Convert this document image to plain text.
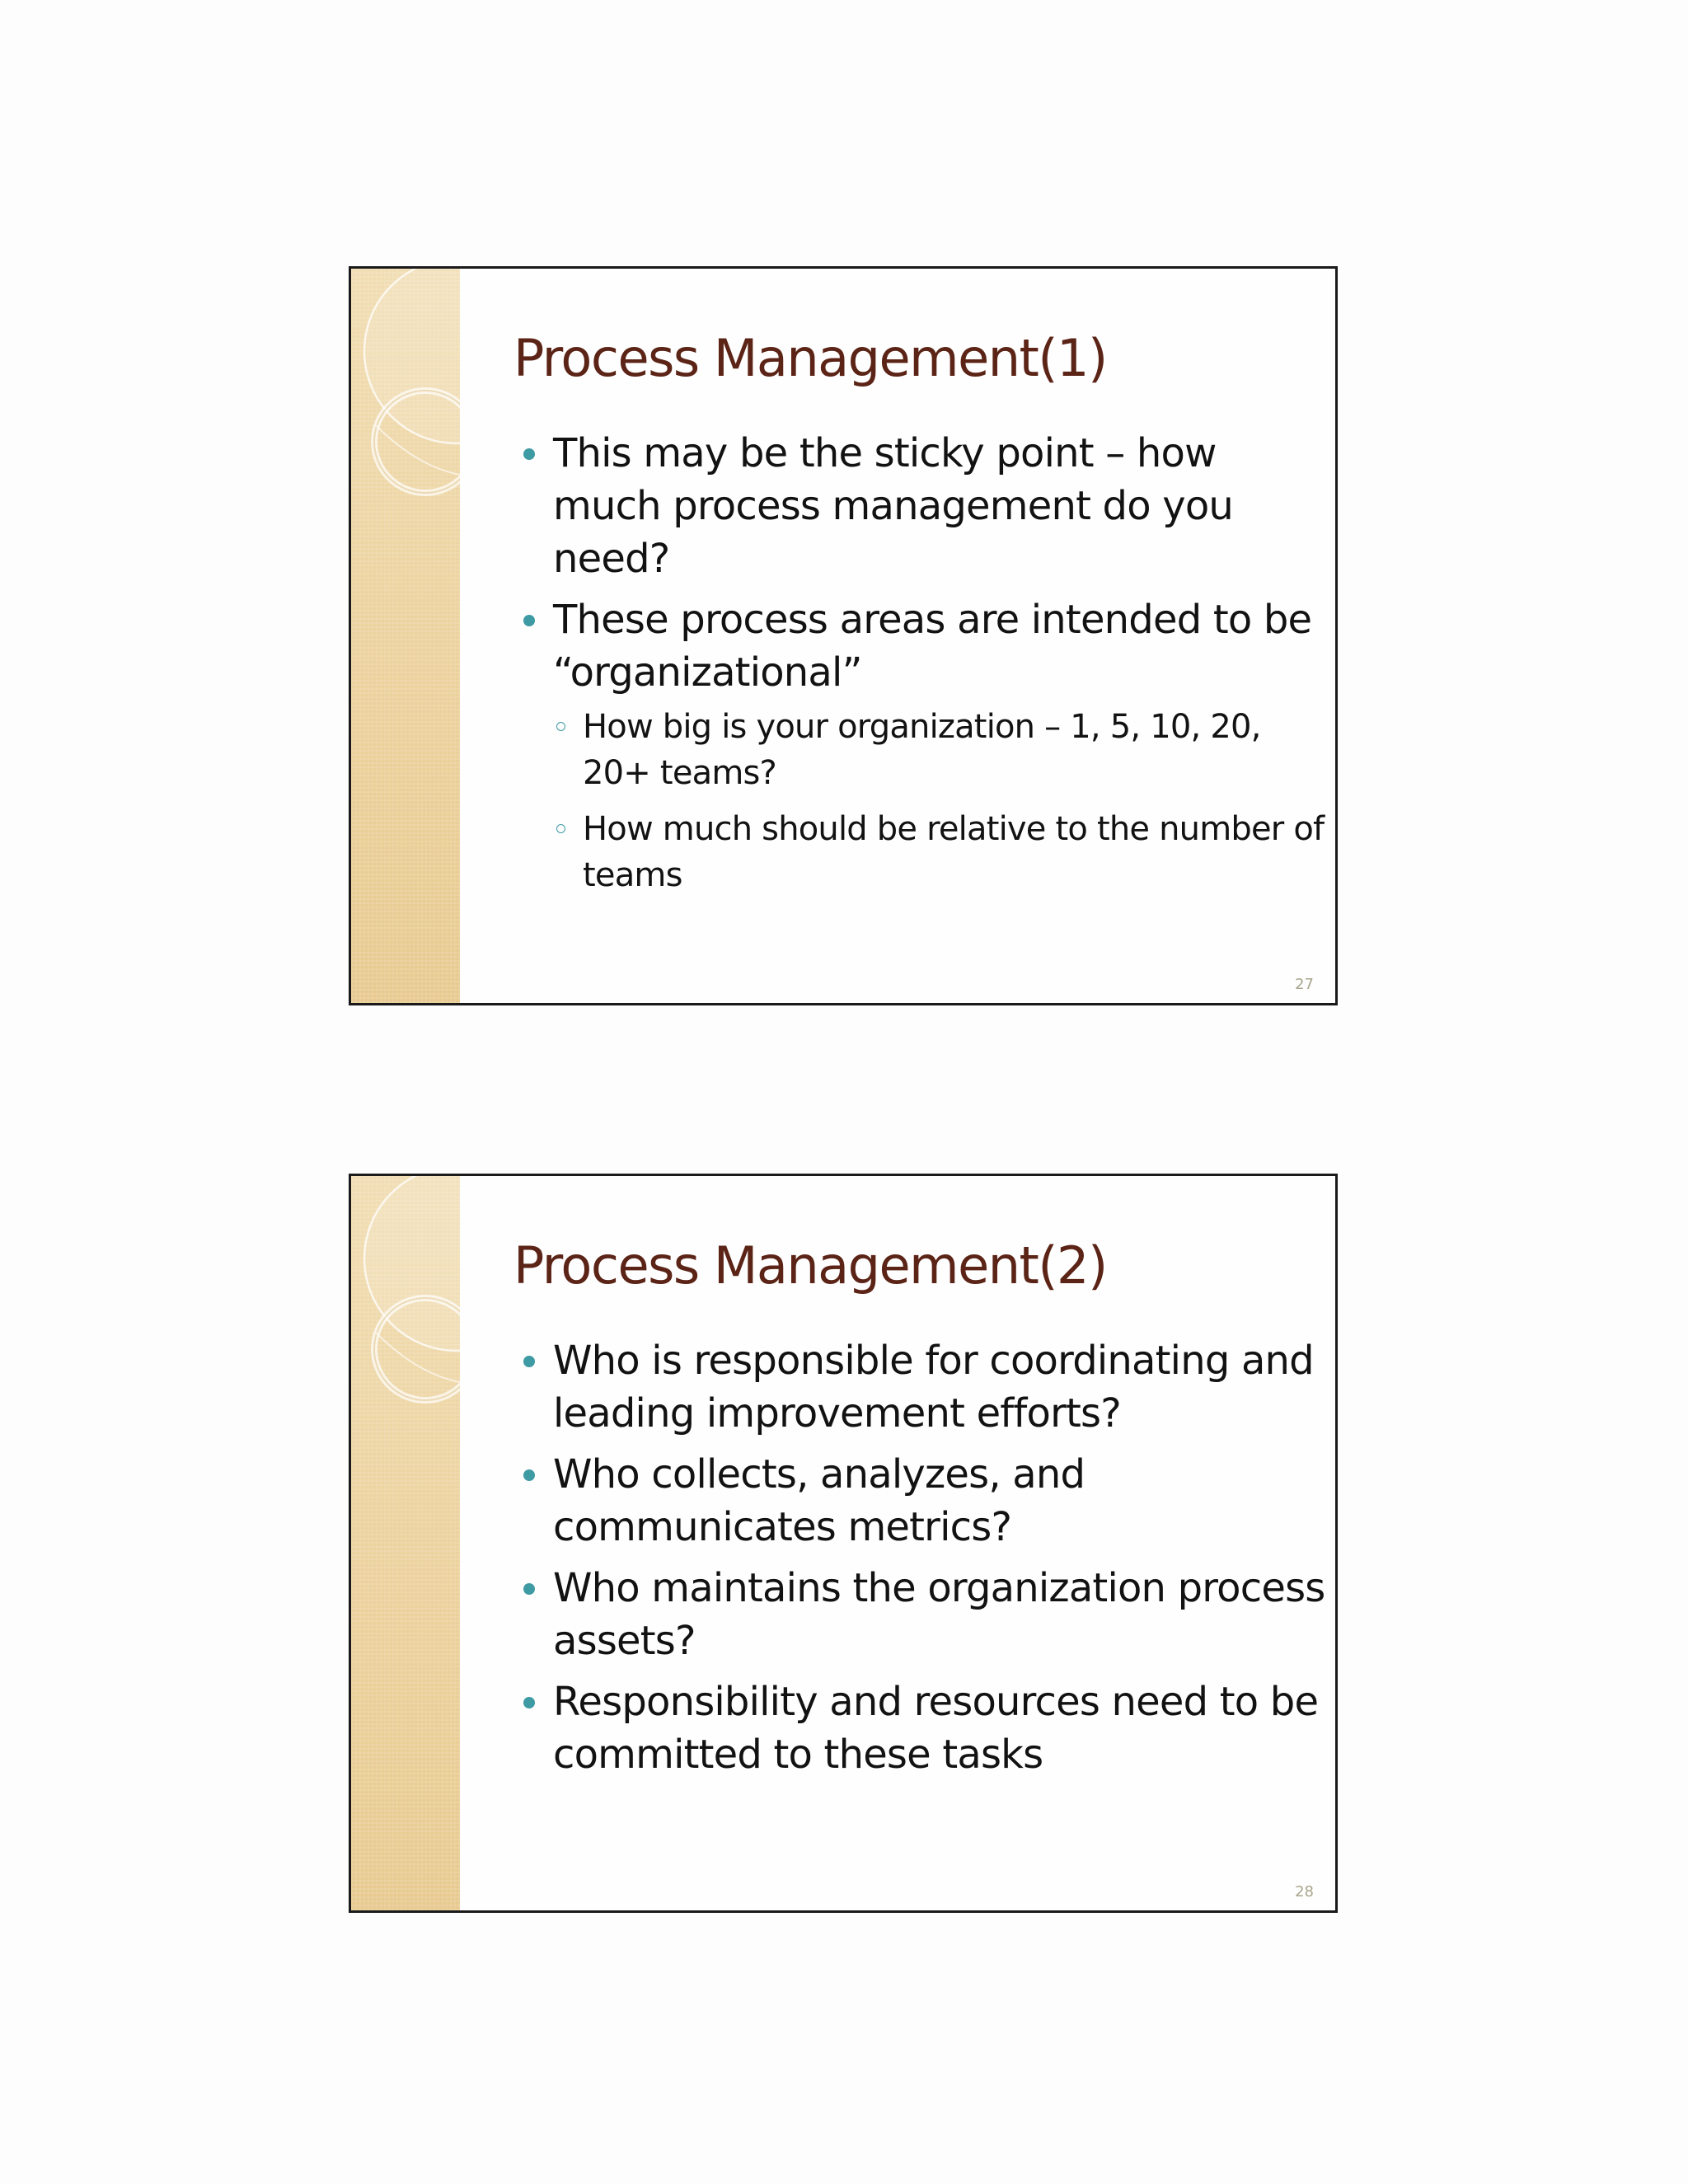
Process Management(1)
This may be the sticky point – how much process management do you need?
These process areas are intended to be “organizational”
How big is your organization – 1, 5, 10, 20, 20+ teams?
How much should be relative to the number of teams
27
Process Management(2)
Who is responsible for coordinating and leading improvement efforts?
Who collects, analyzes, and communicates metrics?
Who maintains the organization process assets?
Responsibility and resources need to be committed to these tasks
28
